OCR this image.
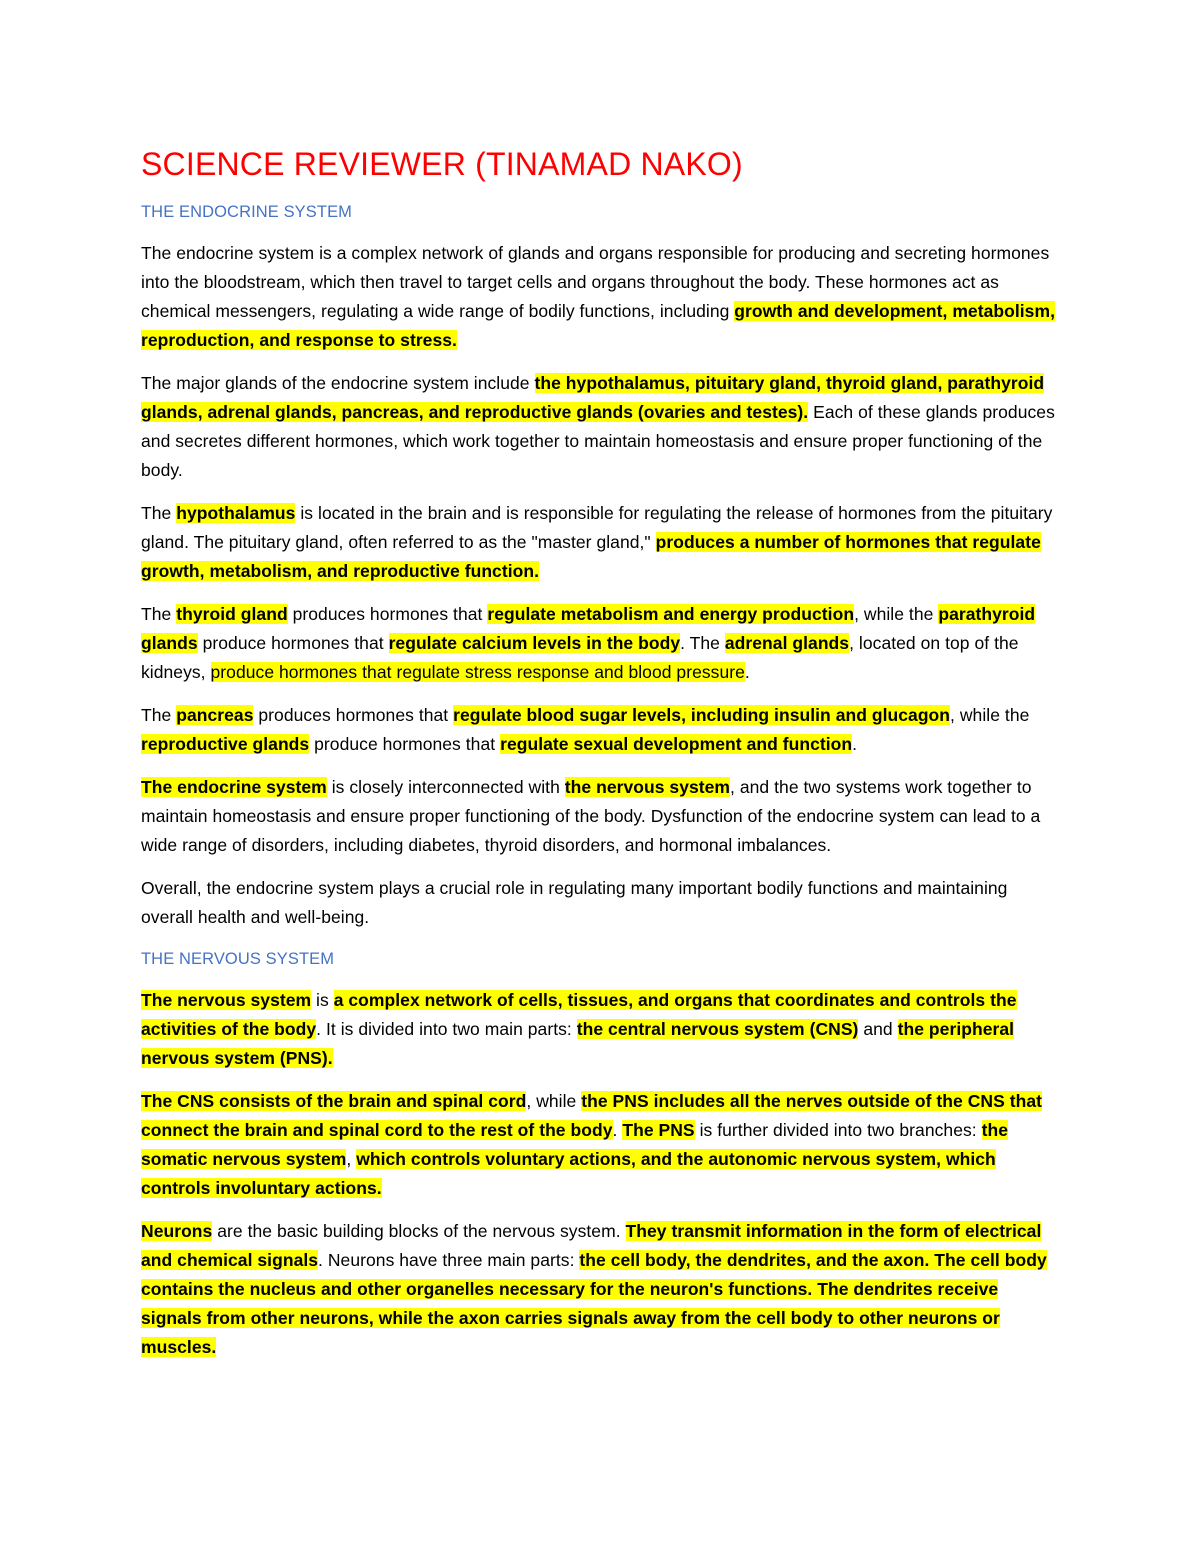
SCIENCE REVIEWER (TINAMAD NAKO)
THE ENDOCRINE SYSTEM

The endocrine system is a complex network of glands and organs responsible for producing and secreting hormones into the bloodstream, which then travel to target cells and organs throughout the body. These hormones act as chemical messengers, regulating a wide range of bodily functions, including growth and development, metabolism, reproduction, and response to stress.

The major glands of the endocrine system include the hypothalamus, pituitary gland, thyroid gland, parathyroid glands, adrenal glands, pancreas, and reproductive glands (ovaries and testes). Each of these glands produces and secretes different hormones, which work together to maintain homeostasis and ensure proper functioning of the body.

The hypothalamus is located in the brain and is responsible for regulating the release of hormones from the pituitary gland. The pituitary gland, often referred to as the "master gland," produces a number of hormones that regulate growth, metabolism, and reproductive function.

The thyroid gland produces hormones that regulate metabolism and energy production, while the parathyroid glands produce hormones that regulate calcium levels in the body. The adrenal glands, located on top of the kidneys, produce hormones that regulate stress response and blood pressure.

The pancreas produces hormones that regulate blood sugar levels, including insulin and glucagon, while the reproductive glands produce hormones that regulate sexual development and function.

The endocrine system is closely interconnected with the nervous system, and the two systems work together to maintain homeostasis and ensure proper functioning of the body. Dysfunction of the endocrine system can lead to a wide range of disorders, including diabetes, thyroid disorders, and hormonal imbalances.

Overall, the endocrine system plays a crucial role in regulating many important bodily functions and maintaining overall health and well-being.

THE NERVOUS SYSTEM

The nervous system is a complex network of cells, tissues, and organs that coordinates and controls the activities of the body. It is divided into two main parts: the central nervous system (CNS) and the peripheral nervous system (PNS).

The CNS consists of the brain and spinal cord, while the PNS includes all the nerves outside of the CNS that connect the brain and spinal cord to the rest of the body. The PNS is further divided into two branches: the somatic nervous system, which controls voluntary actions, and the autonomic nervous system, which controls involuntary actions.

Neurons are the basic building blocks of the nervous system. They transmit information in the form of electrical and chemical signals. Neurons have three main parts: the cell body, the dendrites, and the axon. The cell body contains the nucleus and other organelles necessary for the neuron's functions. The dendrites receive signals from other neurons, while the axon carries signals away from the cell body to other neurons or muscles.
